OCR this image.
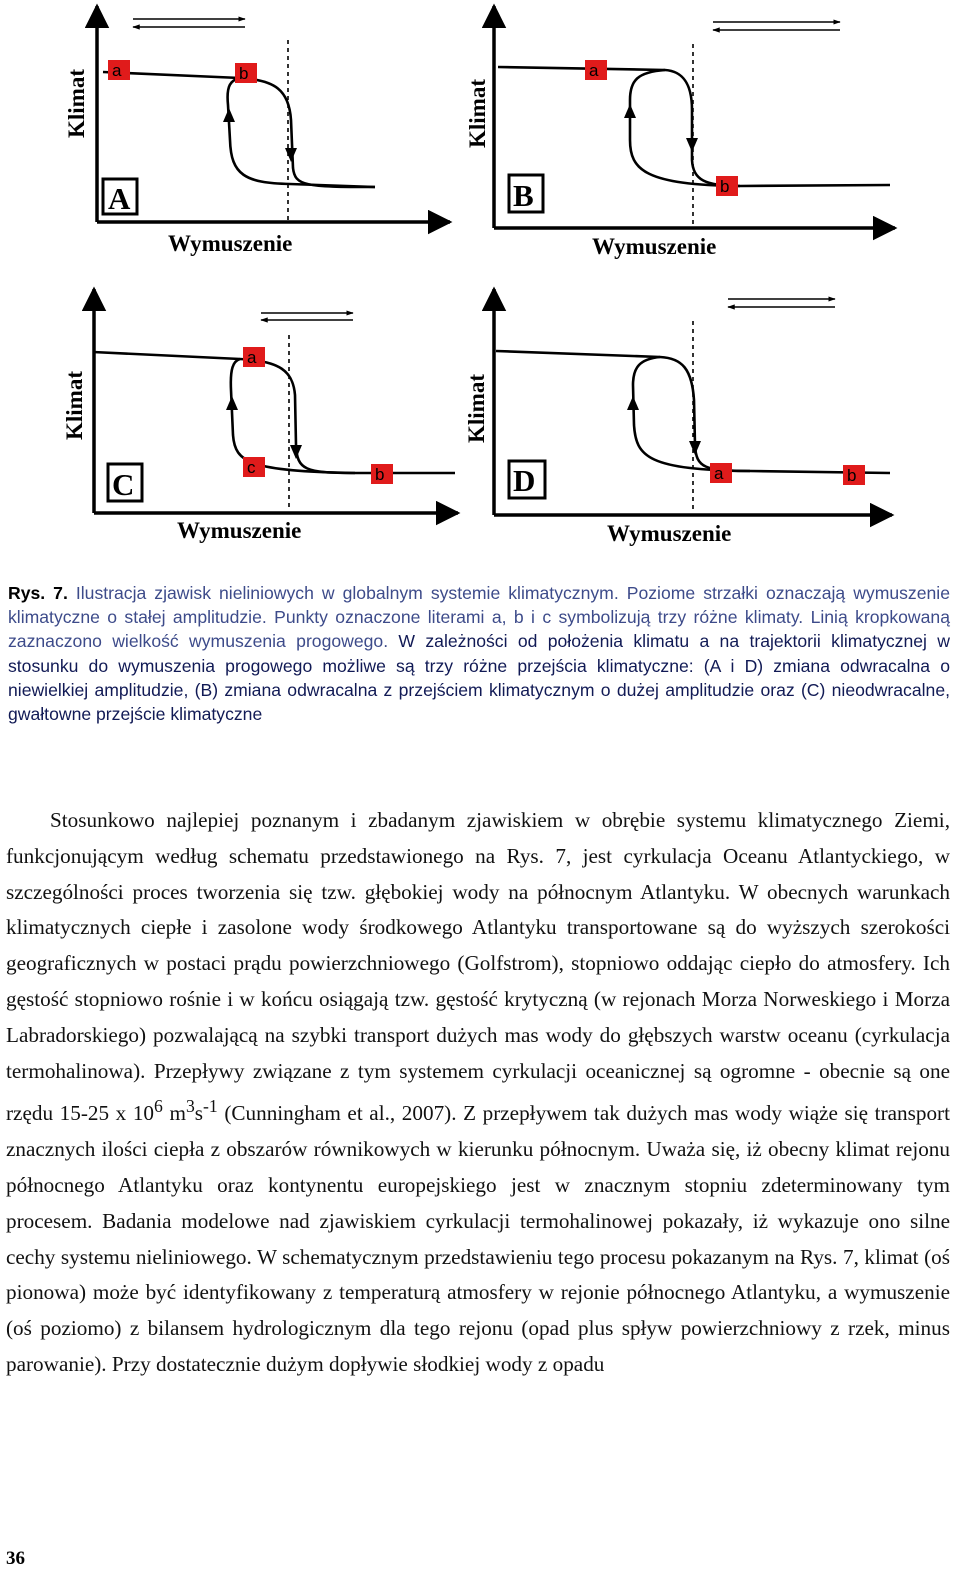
Klimat
Wymuszenie
A
a	b
Klimat
Wymuszenie
B
a
b
Klimat
Wymuszenie
C
a
c	b
Klimat
Wymuszenie
D	a	b
Rys. 7. Ilustracja zjawisk nieliniowych w globalnym systemie klimatycznym. Poziome strzałki oznaczają wymuszenie klimatyczne o stałej amplitudzie. Punkty oznaczone literami a, b i c symbolizują trzy różne klimaty. Linią kropkowaną zaznaczono wielkość wymuszenia progowego. W zależności od położenia klimatu a na trajektorii klimatycznej w stosunku do wymuszenia progowego możliwe są trzy różne przejścia klimatyczne: (A i D) zmiana odwracalna o niewielkiej amplitudzie, (B) zmiana odwracalna z przejściem klimatycznym o dużej amplitudzie oraz (C) nieodwracalne, gwałtowne przejście klimatyczne
Stosunkowo najlepiej poznanym i zbadanym zjawiskiem w obrębie systemu klimatycznego Ziemi, funkcjonującym według schematu przedstawionego na Rys. 7, jest cyrkulacja Oceanu Atlantyckiego, w szczególności proces tworzenia się tzw. głębokiej wody na północnym Atlantyku. W obecnych warunkach klimatycznych ciepłe i zasolone wody środkowego Atlantyku transportowane są do wyższych szerokości geograficznych w postaci prądu powierzchniowego (Golfstrom), stopniowo oddając ciepło do atmosfery. Ich gęstość stopniowo rośnie i w końcu osiągają tzw. gęstość krytyczną (w rejonach Morza Norweskiego i Morza Labradorskiego) pozwalającą na szybki transport dużych mas wody do głębszych warstw oceanu (cyrkulacja termohalinowa). Przepływy związane z tym systemem cyrkulacji oceanicznej są ogromne - obecnie są one rzędu 15-25 x $10^6$ $m^3s^{-1}$ (Cunningham et al., 2007). Z przepływem tak dużych mas wody wiąże się transport znacznych ilości ciepła z obszarów równikowych w kierunku północnym. Uważa się, iż obecny klimat rejonu północnego Atlantyku oraz kontynentu europejskiego jest w znacznym stopniu zdeterminowany tym procesem. Badania modelowe nad zjawiskiem cyrkulacji termohalinowej pokazały, iż wykazuje ono silne cechy systemu nieliniowego. W schematycznym przedstawieniu tego procesu pokazanym na Rys. 7, klimat (oś pionowa) może być identyfikowany z temperaturą atmosfery w rejonie północnego Atlantyku, a wymuszenie (oś poziomo) z bilansem hydrologicznym dla tego rejonu (opad plus spływ powierzchniowy z rzek, minus parowanie). Przy dostatecznie dużym dopływie słodkiej wody z opadu
36
